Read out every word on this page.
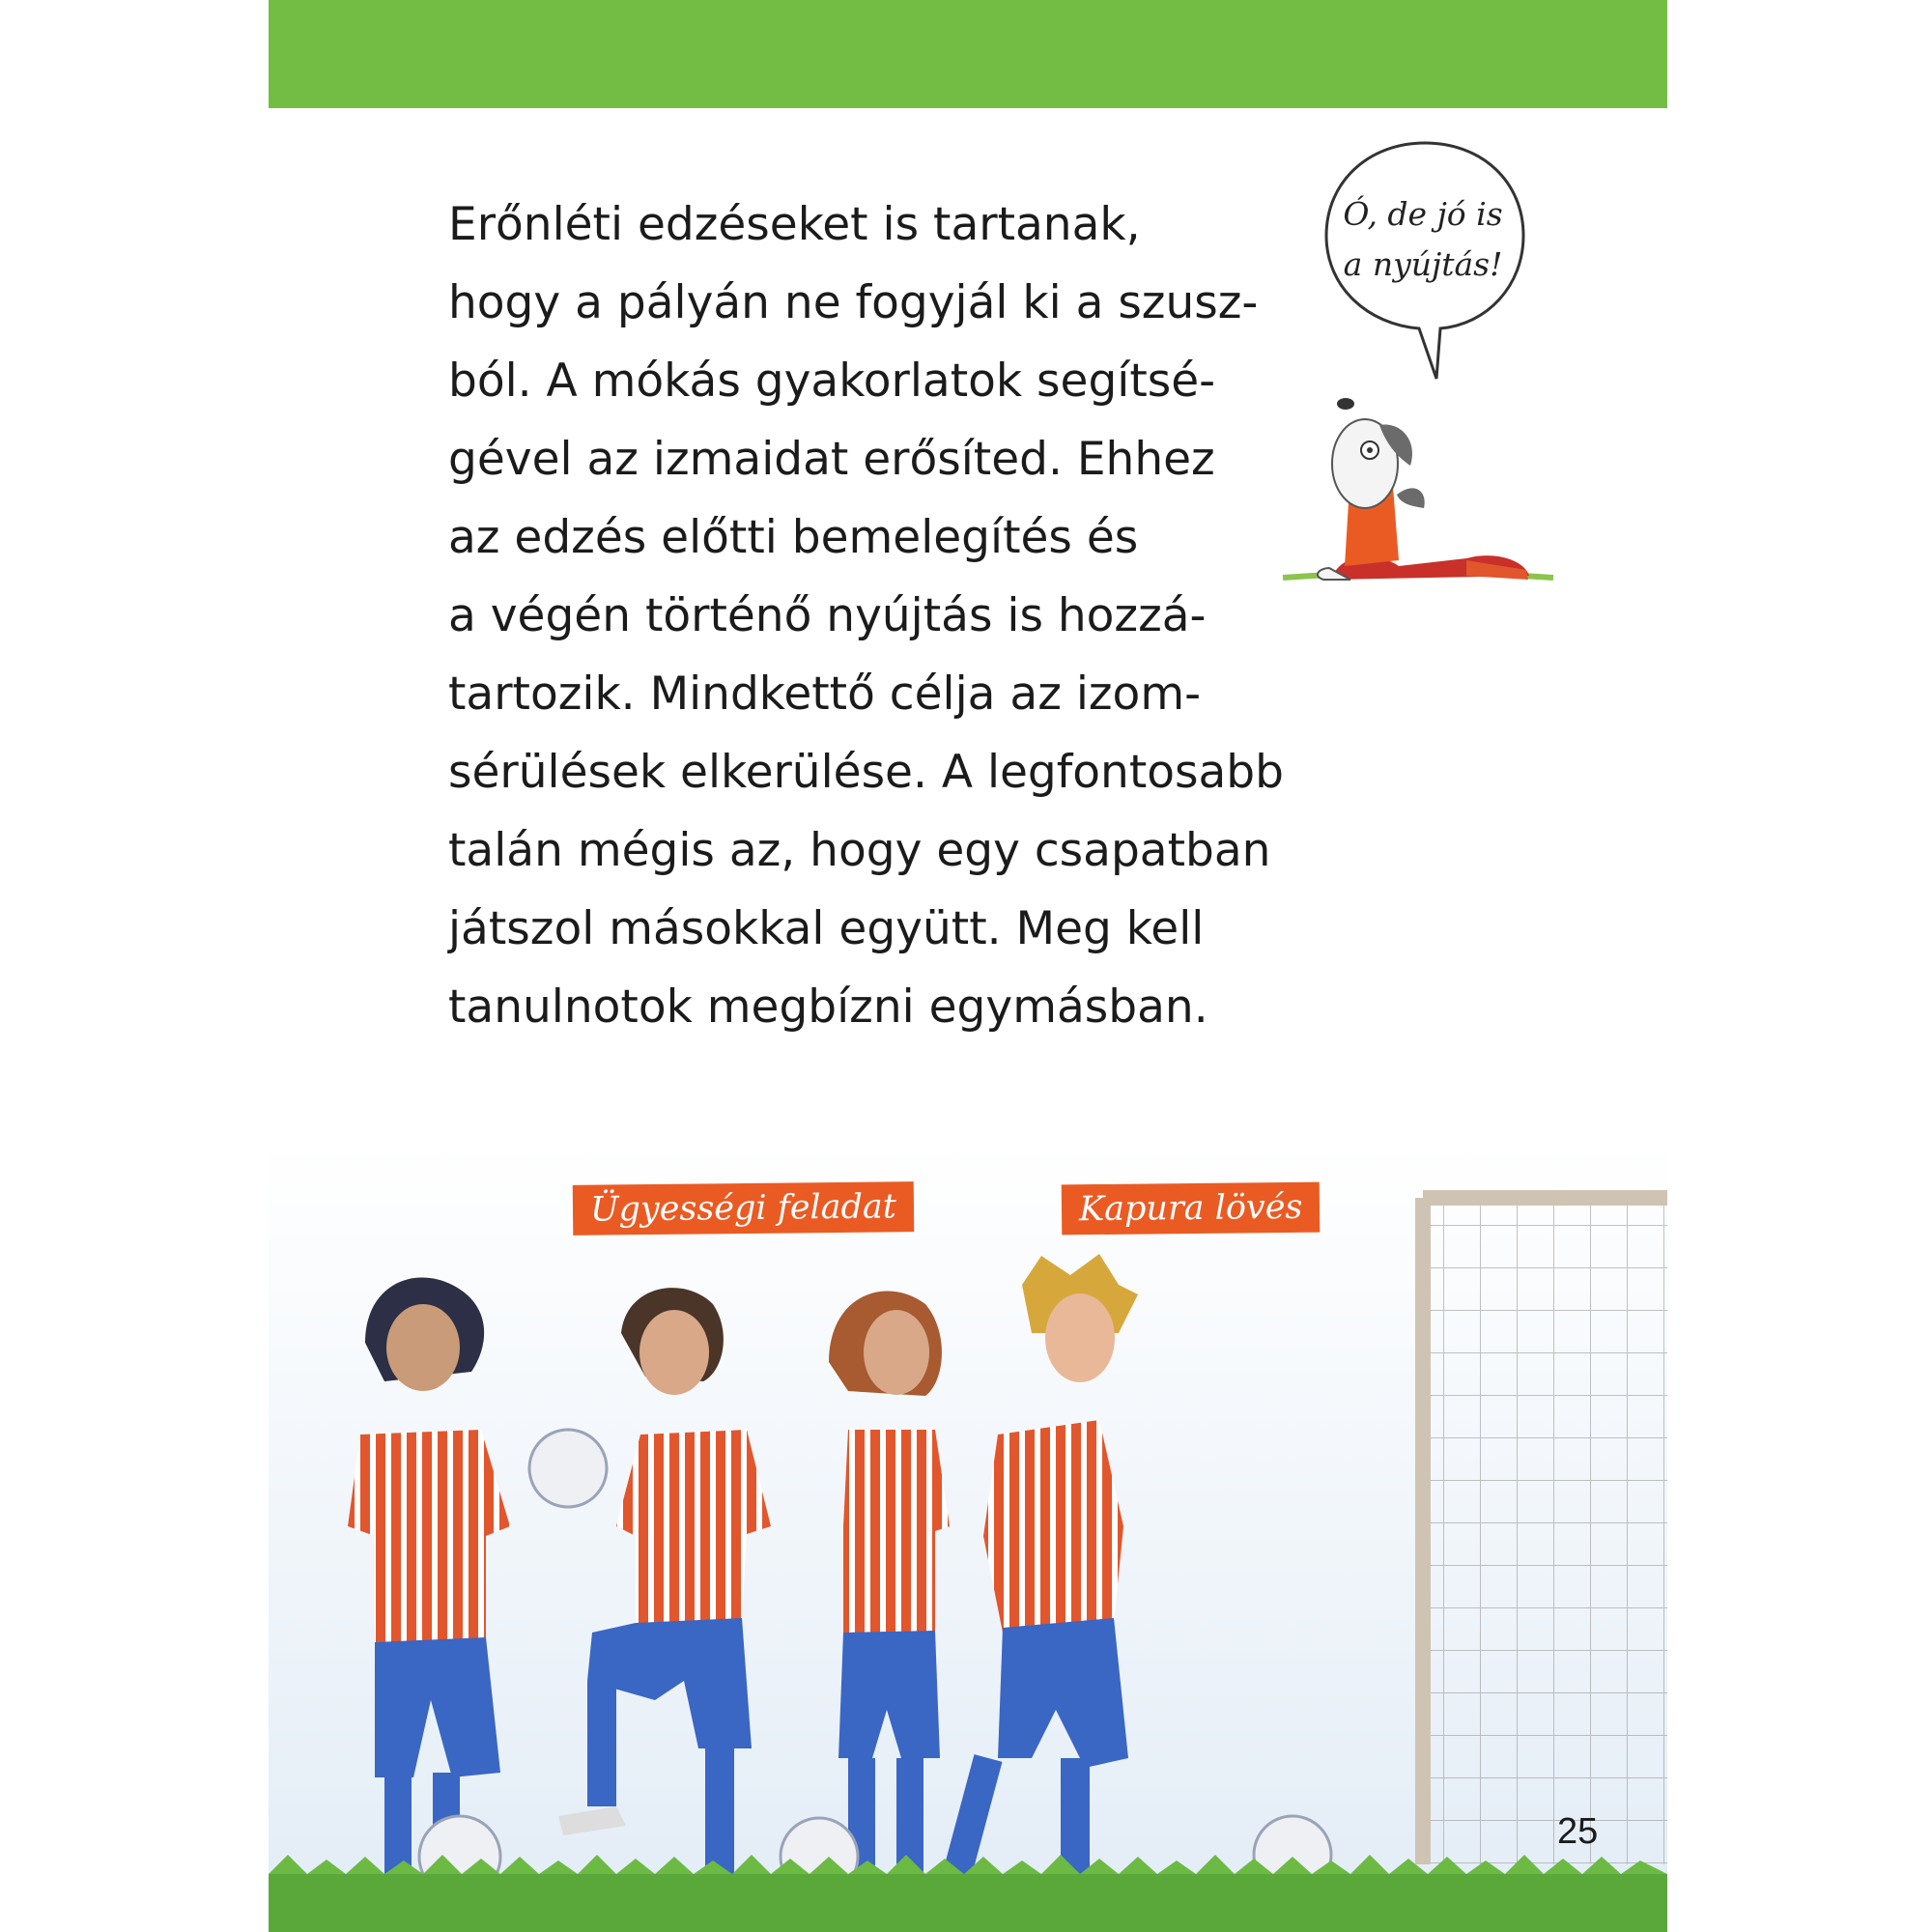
Erőnléti edzéseket is tartanak,
hogy a pályán ne fogyjál ki a szusz-
ból. A mókás gyakorlatok segítsé-
gével az izmaidat erősíted. Ehhez
az edzés előtti bemelegítés és
a végén történő nyújtás is hozzá-
tartozik. Mindkettő célja az izom-
sérülések elkerülése. A legfontosabb
talán mégis az, hogy egy csapatban
játszol másokkal együtt. Meg kell
tanulnotok megbízni egymásban.

Ó, de jó is
a nyújtás!

Ügyességi feladat	Kapura lövés
25
